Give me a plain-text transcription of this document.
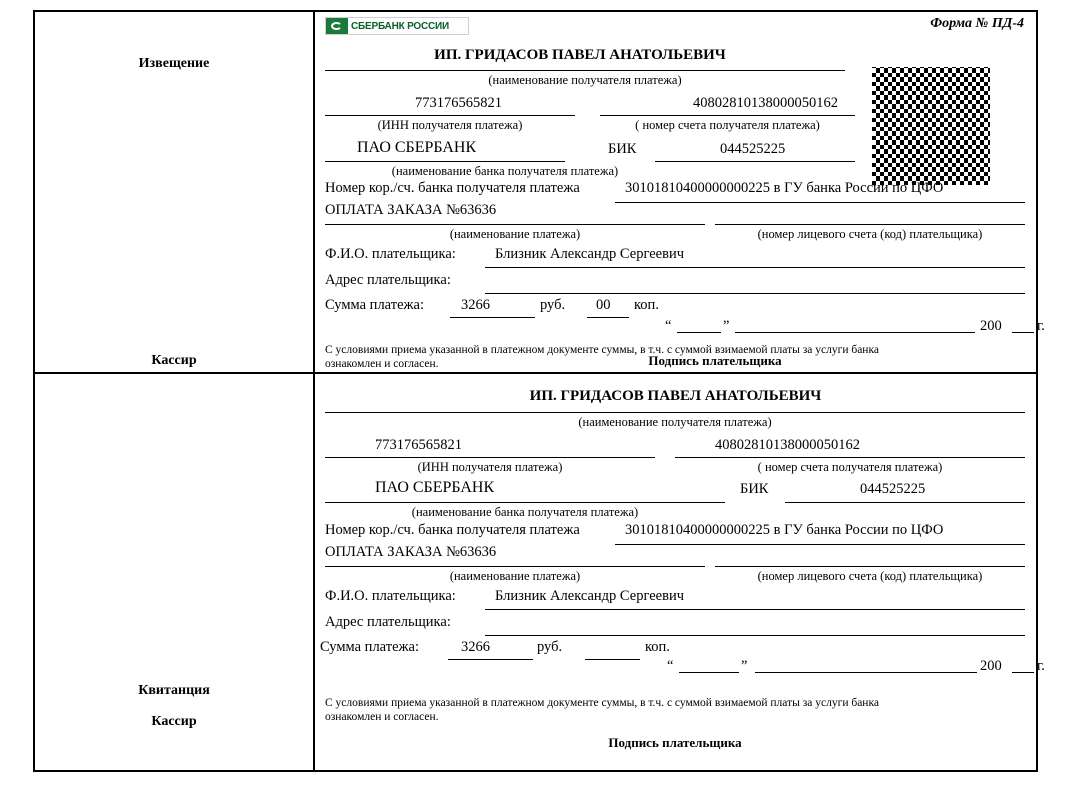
Извещение
Кассир
СБЕРБАНК РОССИИ	Форма № ПД-4
ИП. ГРИДАСОВ ПАВЕЛ АНАТОЛЬЕВИЧ
(наименование получателя платежа)
773176565821
(ИНН получателя платежа)
40802810138000050162
( номер счета получателя платежа)
ПАО СБЕРБАНК
(наименование банка получателя платежа)
БИК	044525225
Номер кор./сч. банка получателя платежа	30101810400000000225 в ГУ банка России по ЦФО
ОПЛАТА ЗАКАЗА №63636
(наименование платежа)	(номер лицевого счета (код) плательщика)
Ф.И.О. плательщика:	Близник Александр Сергеевич
Адрес плательщика:
Сумма платежа:	3266	руб. 00 коп.
“	”	200 г.
С условиями приема указанной в платежном документе суммы, в т.ч. с суммой взимаемой платы за услуги банка
ознакомлен и согласен.	Подпись плательщика
Квитанция
Кассир
ИП. ГРИДАСОВ ПАВЕЛ АНАТОЛЬЕВИЧ
(наименование получателя платежа)
773176565821
(ИНН получателя платежа)
40802810138000050162
( номер счета получателя платежа)
ПАО СБЕРБАНК
(наименование банка получателя платежа)
БИК	044525225
Номер кор./сч. банка получателя платежа	30101810400000000225 в ГУ банка России по ЦФО
ОПЛАТА ЗАКАЗА №63636
(наименование платежа)	(номер лицевого счета (код) плательщика)
Ф.И.О. плательщика:	Близник Александр Сергеевич
Адрес плательщика:
Сумма платежа:	3266	руб.	коп.
“	”	200 г.
С условиями приема указанной в платежном документе суммы, в т.ч. с суммой взимаемой платы за услуги банка
ознакомлен и согласен.
Подпись плательщика
